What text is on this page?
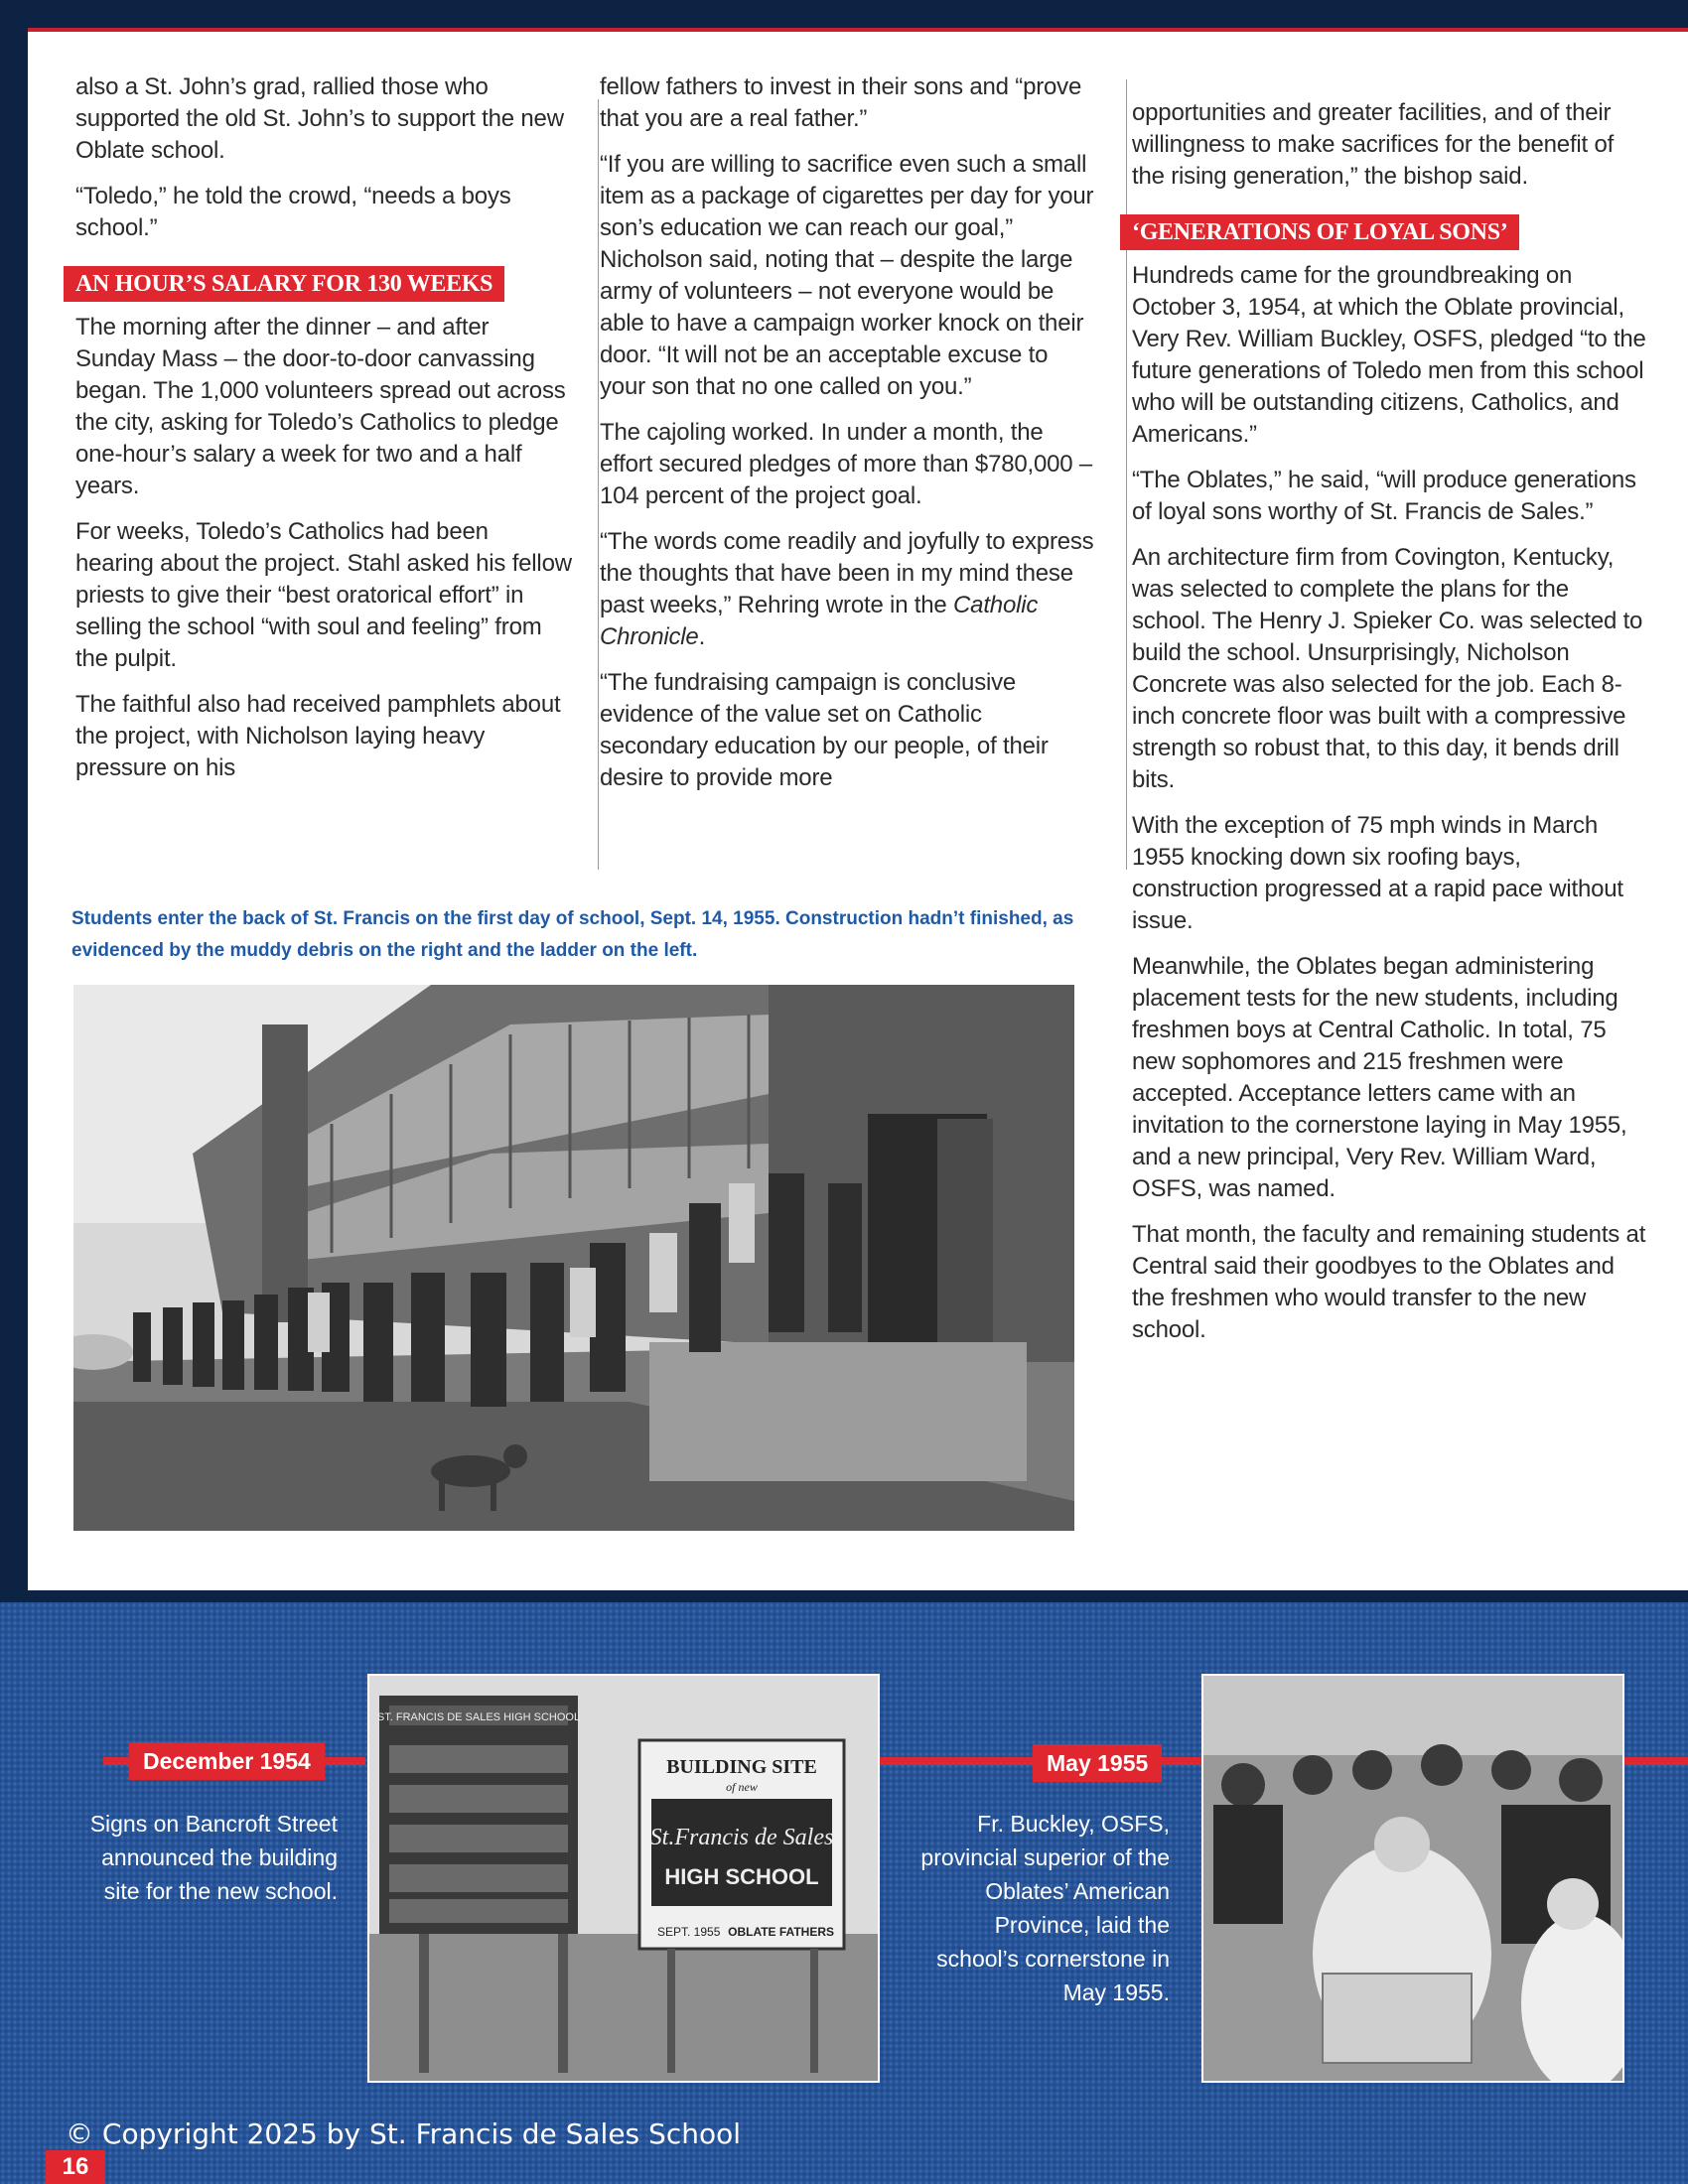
also a St. John’s grad, rallied those who supported the old St. John’s to support the new Oblate school.

“Toledo,” he told the crowd, “needs a boys school.”

AN HOUR’S SALARY FOR 130 WEEKS

The morning after the dinner – and after Sunday Mass – the door-to-door canvassing began. The 1,000 volunteers spread out across the city, asking for Toledo’s Catholics to pledge one-hour’s salary a week for two and a half years.

For weeks, Toledo’s Catholics had been hearing about the project. Stahl asked his fellow priests to give their “best oratorical effort” in selling the school “with soul and feeling” from the pulpit.

The faithful also had received pamphlets about the project, with Nicholson laying heavy pressure on his

fellow fathers to invest in their sons and “prove that you are a real father.”

“If you are willing to sacrifice even such a small item as a package of cigarettes per day for your son’s education we can reach our goal,” Nicholson said, noting that – despite the large army of volunteers – not everyone would be able to have a campaign worker knock on their door. “It will not be an acceptable excuse to your son that no one called on you.”

The cajoling worked. In under a month, the effort secured pledges of more than $780,000 – 104 percent of the project goal.

“The words come readily and joyfully to express the thoughts that have been in my mind these past weeks,” Rehring wrote in the Catholic Chronicle.

“The fundraising campaign is conclusive evidence of the value set on Catholic secondary education by our people, of their desire to provide more

opportunities and greater facilities, and of their willingness to make sacrifices for the benefit of the rising generation,” the bishop said.

‘GENERATIONS OF LOYAL SONS’

Hundreds came for the groundbreaking on October 3, 1954, at which the Oblate provincial, Very Rev. William Buckley, OSFS, pledged “to the future generations of Toledo men from this school who will be outstanding citizens, Catholics, and Americans.”

“The Oblates,” he said, “will produce generations of loyal sons worthy of St. Francis de Sales.”

An architecture firm from Covington, Kentucky, was selected to complete the plans for the school. The Henry J. Spieker Co. was selected to build the school. Unsurprisingly, Nicholson Concrete was also selected for the job. Each 8-inch concrete floor was built with a compressive strength so robust that, to this day, it bends drill bits.

With the exception of 75 mph winds in March 1955 knocking down six roofing bays, construction progressed at a rapid pace without issue.

Meanwhile, the Oblates began administering placement tests for the new students, including freshmen boys at Central Catholic. In total, 75 new sophomores and 215 freshmen were accepted. Acceptance letters came with an invitation to the cornerstone laying in May 1955, and a new principal, Very Rev. William Ward, OSFS, was named.

That month, the faculty and remaining students at Central said their goodbyes to the Oblates and the freshmen who would transfer to the new school.

Students enter the back of St. Francis on the first day of school, Sept. 14, 1955. Construction hadn’t finished, as evidenced by the muddy debris on the right and the ladder on the left.
December 1954
Signs on Bancroft Street announced the building site for the new school.
ST. FRANCIS DE SALES HIGH SCHOOL
BUILDING SITE
of new
St.Francis de Sales
HIGH SCHOOL
SEPT. 1955 OBLATE FATHERS
May 1955
Fr. Buckley, OSFS, provincial superior of the Oblates’ American Province, laid the school’s cornerstone in May 1955.
© Copyright 2025 by St. Francis de Sales School
16
